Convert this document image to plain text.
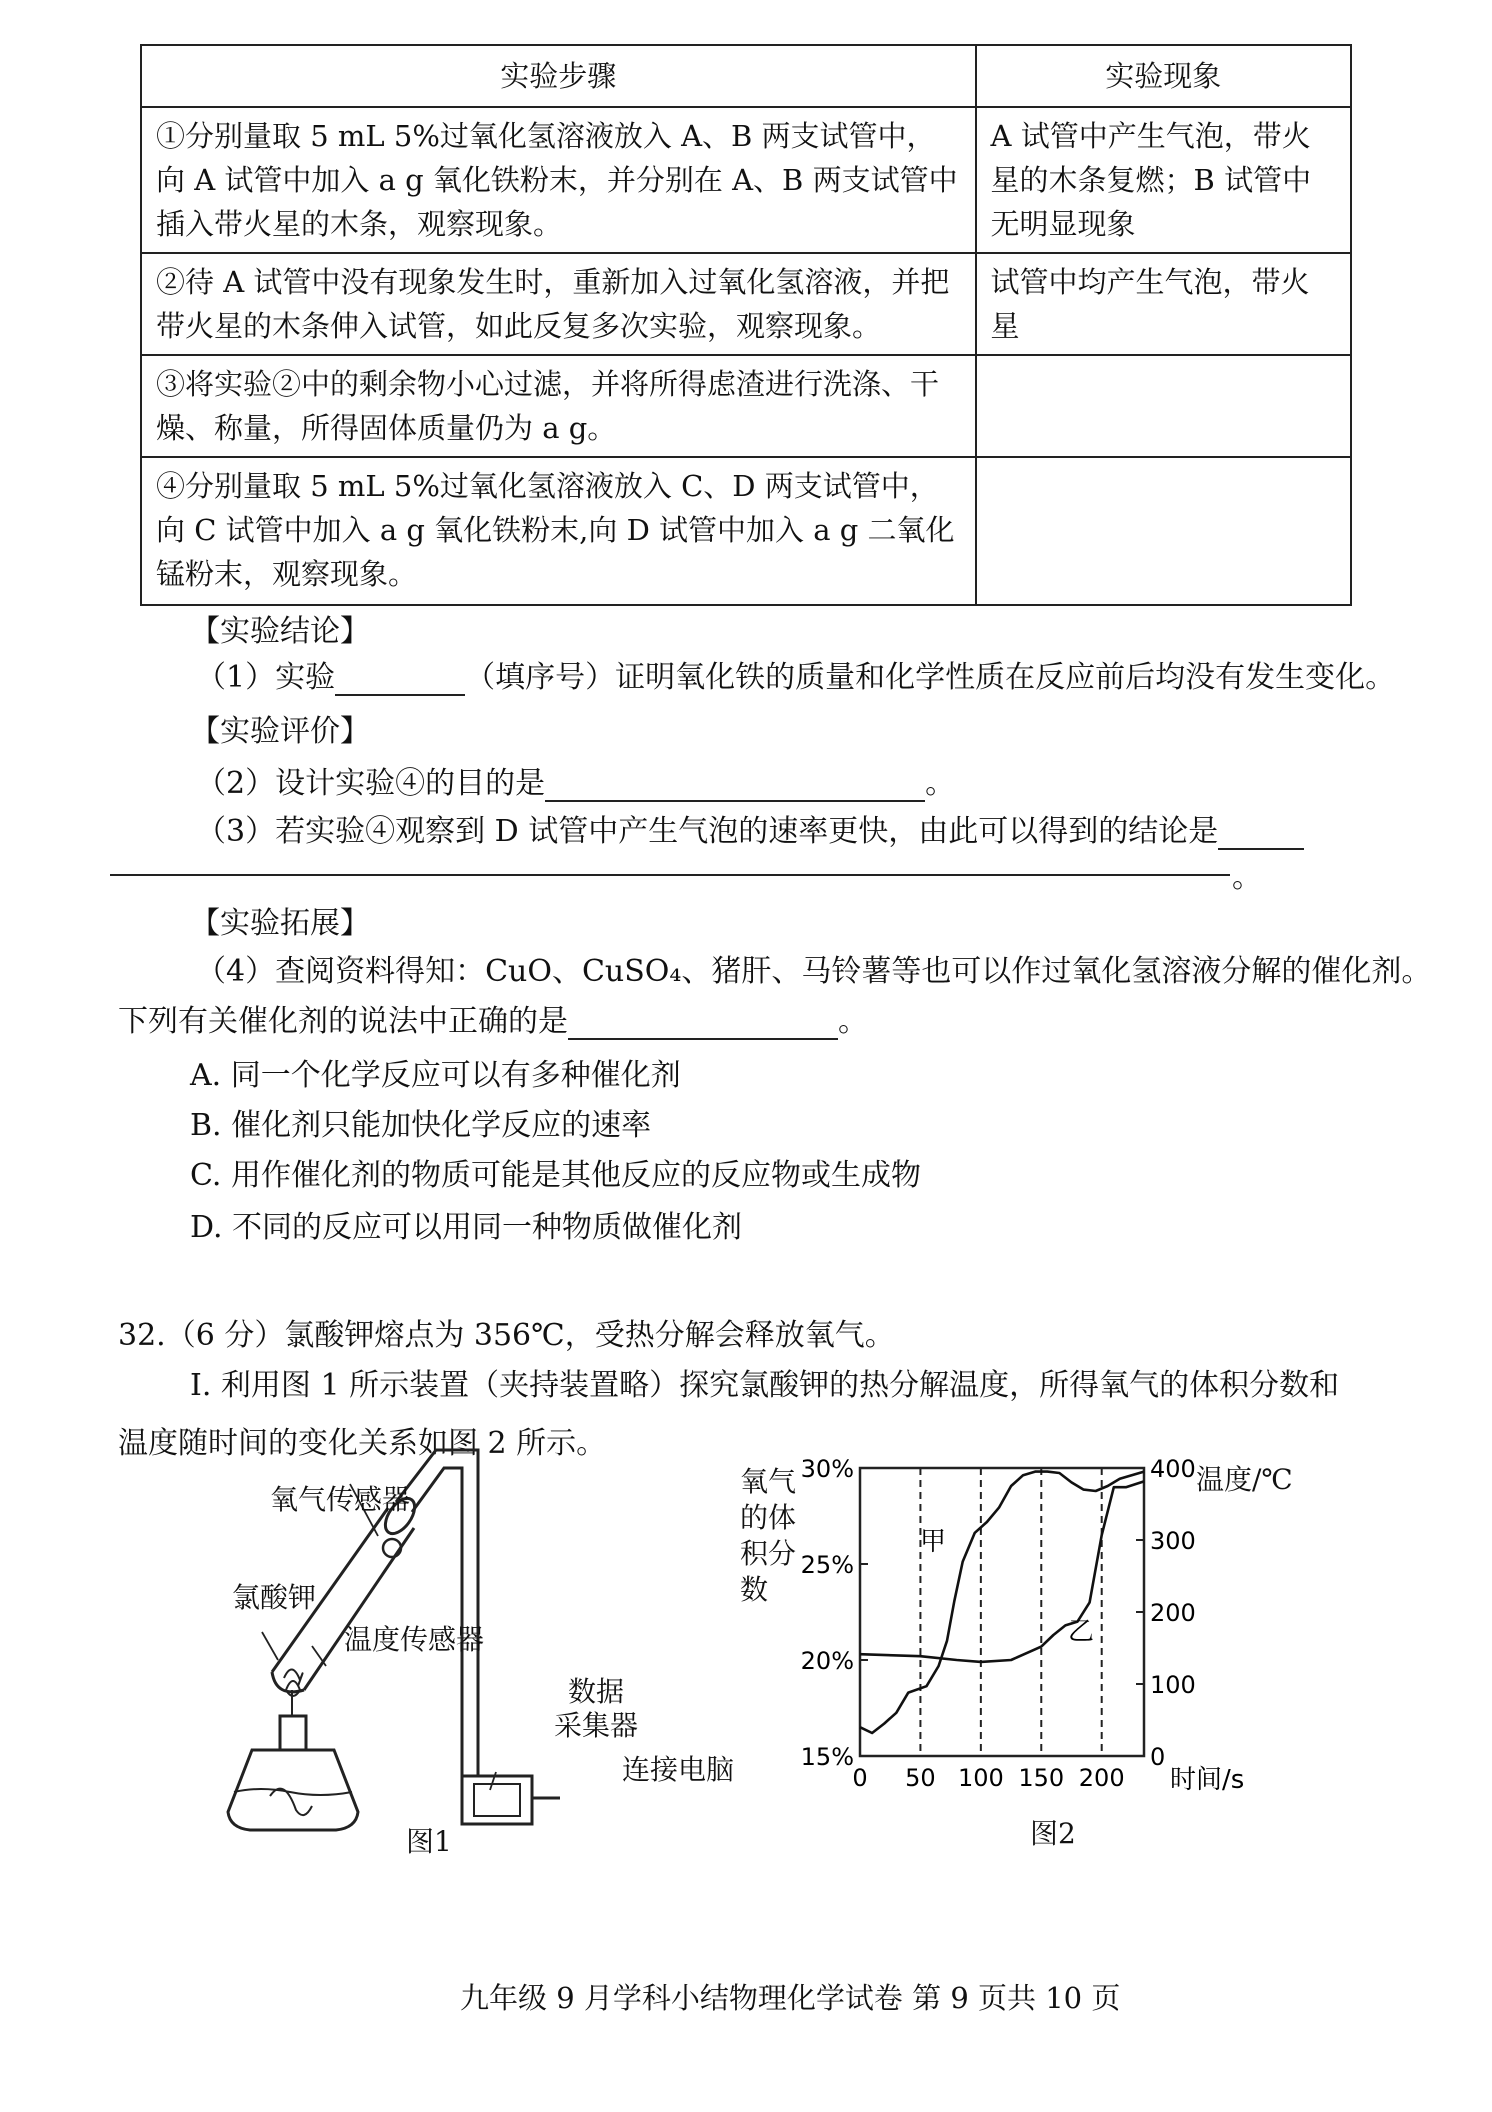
实验步骤	实验现象
①分别量取 5 mL 5%过氧化氢溶液放入 A、B 两支试管中，向 A 试管中加入 a g 氧化铁粉末，并分别在 A、B 两支试管中插入带火星的木条，观察现象。	A 试管中产生气泡，带火星的木条复燃；B 试管中无明显现象
②待 A 试管中没有现象发生时，重新加入过氧化氢溶液，并把带火星的木条伸入试管，如此反复多次实验，观察现象。	试管中均产生气泡，带火星
③将实验②中的剩余物小心过滤，并将所得虑渣进行洗涤、干燥、称量，所得固体质量仍为 a g。	
④分别量取 5 mL 5%过氧化氢溶液放入 C、D 两支试管中，向 C 试管中加入 a g 氧化铁粉末,向 D 试管中加入 a g 二氧化锰粉末，观察现象。	
【实验结论】
（1）实验	（填序号）证明氧化铁的质量和化学性质在反应前后均没有发生变化。
【实验评价】
（2）设计实验④的目的是	。
（3）若实验④观察到 D 试管中产生气泡的速率更快，由此可以得到的结论是
。
【实验拓展】
（4）查阅资料得知：CuO、CuSO₄、猪肝、马铃薯等也可以作过氧化氢溶液分解的催化剂。
下列有关催化剂的说法中正确的是	。
A. 同一个化学反应可以有多种催化剂
B. 催化剂只能加快化学反应的速率
C. 用作催化剂的物质可能是其他反应的反应物或生成物
D. 不同的反应可以用同一种物质做催化剂
32.（6 分）氯酸钾熔点为 356℃，受热分解会释放氧气。
I. 利用图 1 所示装置（夹持装置略）探究氯酸钾的热分解温度，所得氧气的体积分数和
温度随时间的变化关系如图 2 所示。
氧气传感器
氯酸钾
温度传感器
数据
采集器
连接电脑
图1
氧气
的体
积分
数
温度/℃
图2
0 50 100 150 200
15%
20%
25%
30%
0
100
200
300
400
时间/s
甲
乙
九年级 9 月学科小结物理化学试卷 第 9 页共 10 页
